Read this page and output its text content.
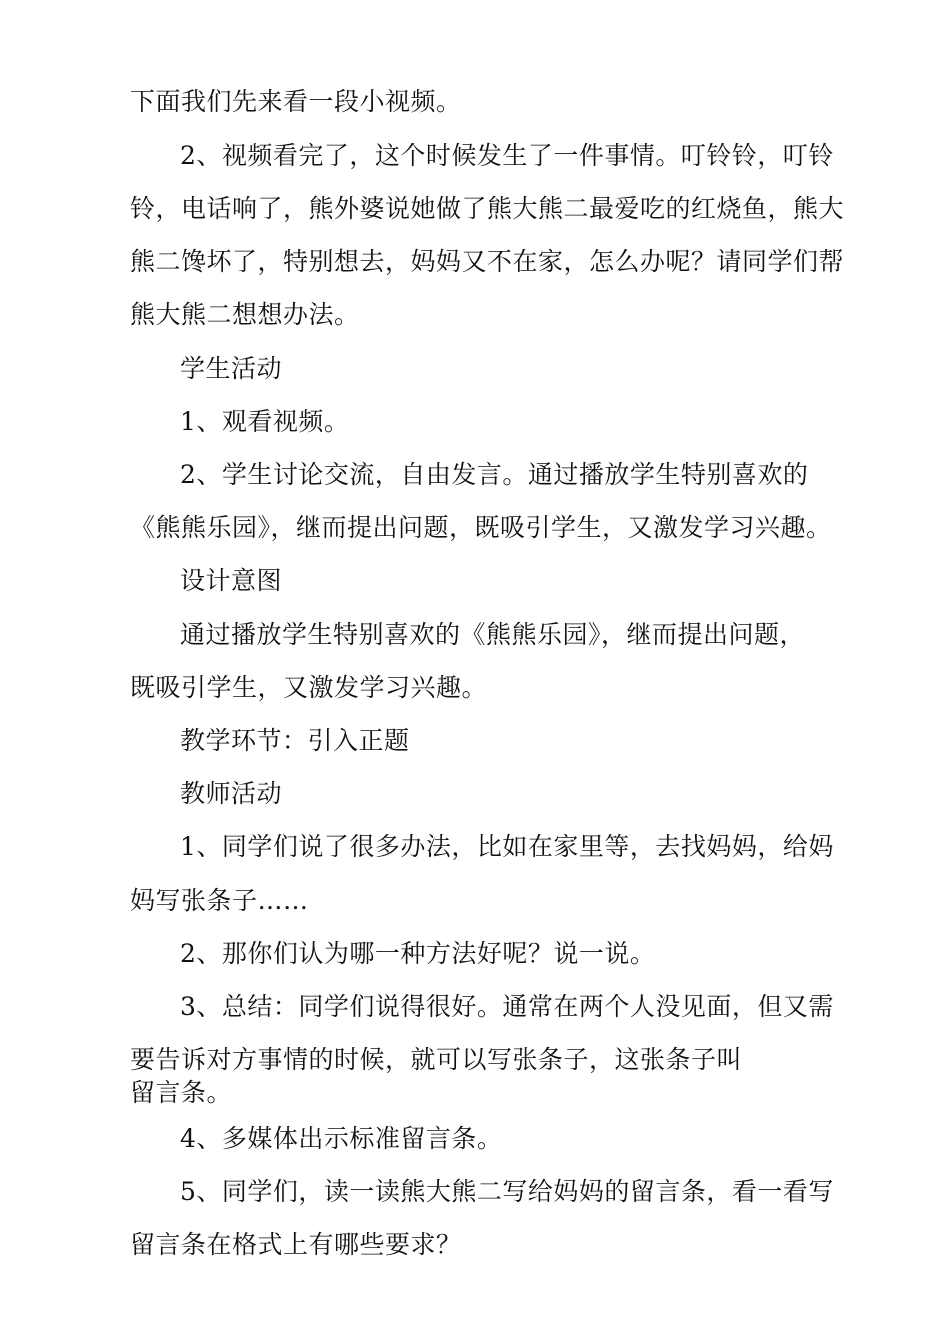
下面我们先来看一段小视频。
2、视频看完了，这个时候发生了一件事情。叮铃铃，叮铃
铃，电话响了，熊外婆说她做了熊大熊二最爱吃的红烧鱼，熊大
熊二馋坏了，特别想去，妈妈又不在家，怎么办呢？请同学们帮
熊大熊二想想办法。
学生活动
1、观看视频。
2、学生讨论交流，自由发言。通过播放学生特别喜欢的
《熊熊乐园》，继而提出问题，既吸引学生，又激发学习兴趣。
设计意图
通过播放学生特别喜欢的《熊熊乐园》，继而提出问题，
既吸引学生，又激发学习兴趣。
教学环节：引入正题
教师活动
1、同学们说了很多办法，比如在家里等，去找妈妈，给妈
妈写张条子……
2、那你们认为哪一种方法好呢？说一说。
3、总结：同学们说得很好。通常在两个人没见面，但又需
要告诉对方事情的时候，就可以写张条子，这张条子叫
留言条。
4、多媒体出示标准留言条。
5、同学们，读一读熊大熊二写给妈妈的留言条，看一看写
留言条在格式上有哪些要求？
